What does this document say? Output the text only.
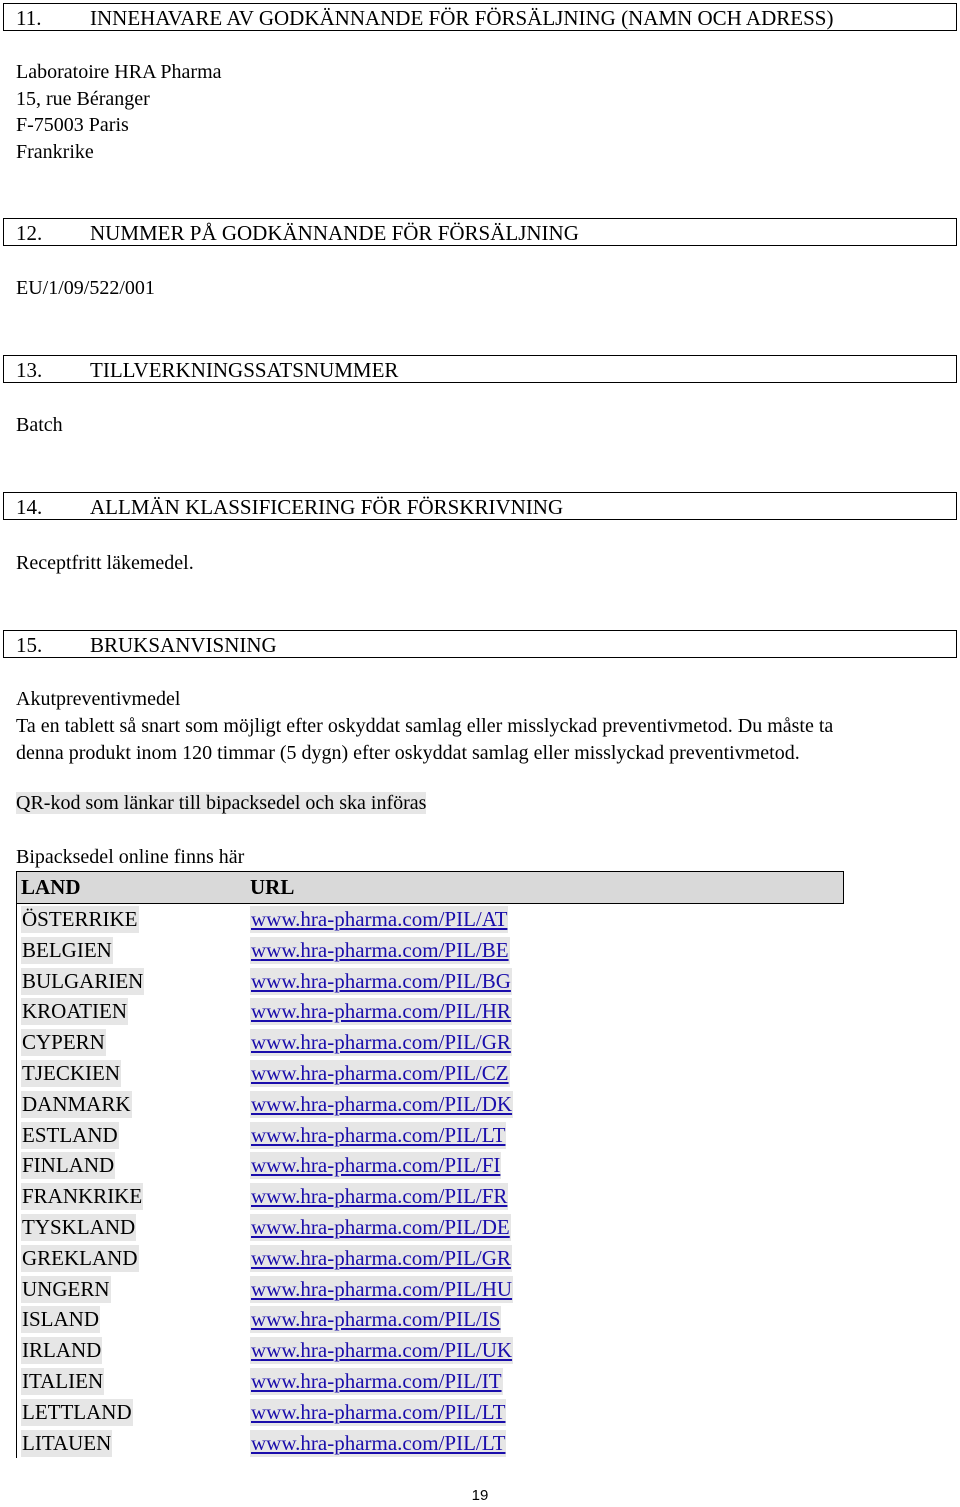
11. INNEHAVARE AV GODKÄNNANDE FÖR FÖRSÄLJNING (NAMN OCH ADRESS)
Laboratoire HRA Pharma
15, rue Béranger
F-75003 Paris
Frankrike
12. NUMMER PÅ GODKÄNNANDE FÖR FÖRSÄLJNING
EU/1/09/522/001
13. TILLVERKNINGSSATSNUMMER
Batch
14. ALLMÄN KLASSIFICERING FÖR FÖRSKRIVNING
Receptfritt läkemedel.
15. BRUKSANVISNING
Akutpreventivmedel
Ta en tablett så snart som möjligt efter oskyddat samlag eller misslyckad preventivmetod. Du måste ta
denna produkt inom 120 timmar (5 dygn) efter oskyddat samlag eller misslyckad preventivmetod.
QR-kod som länkar till bipacksedel och ska införas
Bipacksedel online finns här
LAND	URL
ÖSTERRIKE	www.hra-pharma.com/PIL/AT
BELGIEN	www.hra-pharma.com/PIL/BE
BULGARIEN	www.hra-pharma.com/PIL/BG
KROATIEN	www.hra-pharma.com/PIL/HR
CYPERN	www.hra-pharma.com/PIL/GR
TJECKIEN	www.hra-pharma.com/PIL/CZ
DANMARK	www.hra-pharma.com/PIL/DK
ESTLAND	www.hra-pharma.com/PIL/LT
FINLAND	www.hra-pharma.com/PIL/FI
FRANKRIKE	www.hra-pharma.com/PIL/FR
TYSKLAND	www.hra-pharma.com/PIL/DE
GREKLAND	www.hra-pharma.com/PIL/GR
UNGERN	www.hra-pharma.com/PIL/HU
ISLAND	www.hra-pharma.com/PIL/IS
IRLAND	www.hra-pharma.com/PIL/UK
ITALIEN	www.hra-pharma.com/PIL/IT
LETTLAND	www.hra-pharma.com/PIL/LT
LITAUEN	www.hra-pharma.com/PIL/LT
19
